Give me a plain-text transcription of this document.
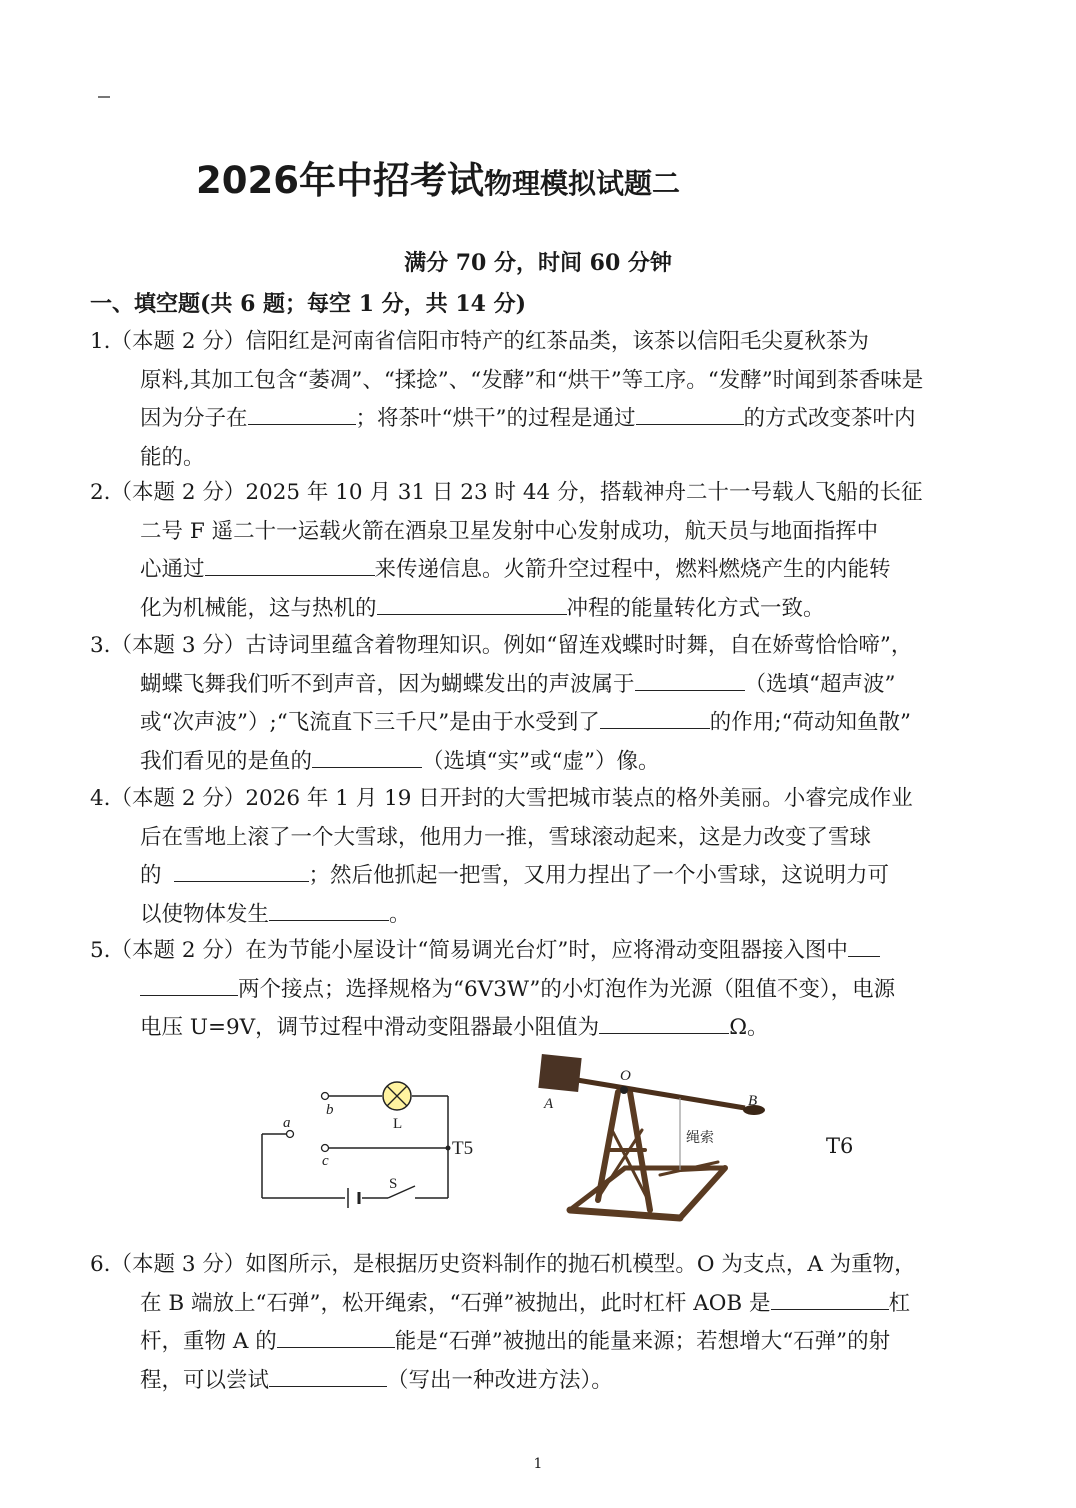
2026年中招考试物理模拟试题二
满分 70 分，时间 60 分钟
一、填空题(共 6 题；每空 1 分，共 14 分)
1.（本题 2 分）信阳红是河南省信阳市特产的红茶品类，该茶以信阳毛尖夏秋茶为
原料,其加工包含“萎凋”、“揉捻”、“发酵”和“烘干”等工序。“发酵”时闻到茶香味是
因为分子在	；将茶叶“烘干”的过程是通过	的方式改变茶叶内
能的。
2.（本题 2 分）2025 年 10 月 31 日 23 时 44 分，搭载神舟二十一号载人飞船的长征
二号 F 遥二十一运载火箭在酒泉卫星发射中心发射成功，航天员与地面指挥中
心通过	来传递信息。火箭升空过程中，燃料燃烧产生的内能转
化为机械能，这与热机的	冲程的能量转化方式一致。
3.（本题 3 分）古诗词里蕴含着物理知识。例如“留连戏蝶时时舞，自在娇莺恰恰啼”，
蝴蝶飞舞我们听不到声音，因为蝴蝶发出的声波属于	（选填“超声波”
或“次声波”）;“飞流直下三千尺”是由于水受到了	的作用;“荷动知鱼散”
我们看见的是鱼的	（选填“实”或“虚”）像。
4.（本题 2 分）2026 年 1 月 19 日开封的大雪把城市装点的格外美丽。小睿完成作业
后在雪地上滚了一个大雪球，他用力一推，雪球滚动起来，这是力改变了雪球
的	；然后他抓起一把雪，又用力捏出了一个小雪球，这说明力可
以使物体发生	。
5.（本题 2 分）在为节能小屋设计“简易调光台灯”时，应将滑动变阻器接入图中
两个接点；选择规格为“6V3W”的小灯泡作为光源（阻值不变），电源
电压 U=9V，调节过程中滑动变阻器最小阻值为	Ω。
a
b
c
L
S
T5
O
A	B
绳索	T6
6.（本题 3 分）如图所示，是根据历史资料制作的抛石机模型。O 为支点，A 为重物，
在 B 端放上“石弹”，松开绳索，“石弹”被抛出，此时杠杆 AOB 是	杠
杆，重物 A 的	能是“石弹”被抛出的能量来源；若想增大“石弹”的射
程，可以尝试	（写出一种改进方法）。
1
